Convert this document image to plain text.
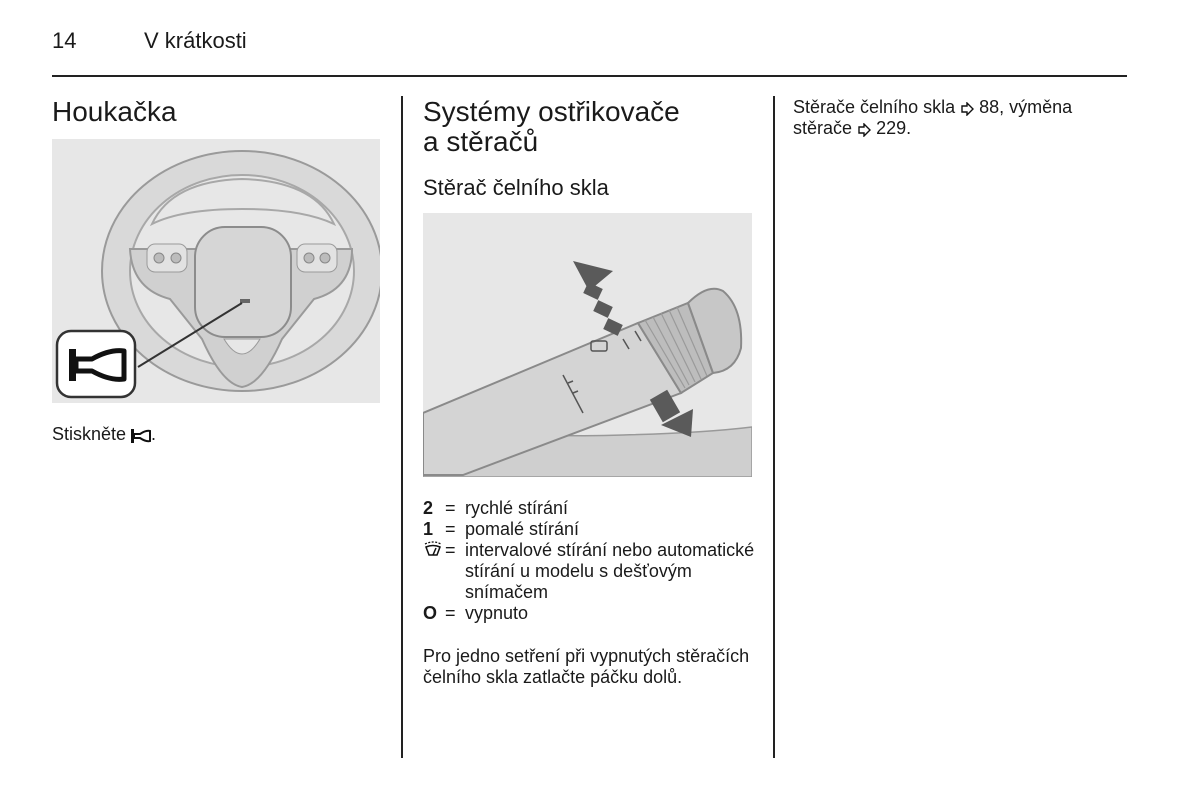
14	V krátkosti
Houkačka
Stiskněte .
Systémy ostřikovače
a stěračů
Stěrač čelního skla
2 = rychlé stírání
1 = pomalé stírání
= intervalové stírání nebo automatické stírání u modelu s dešťovým snímačem
O = vypnuto
Pro jedno setření při vypnutých stěračích čelního skla zatlačte páčku dolů.
Stěrače čelního skla 88, výměna stěrače 229.
